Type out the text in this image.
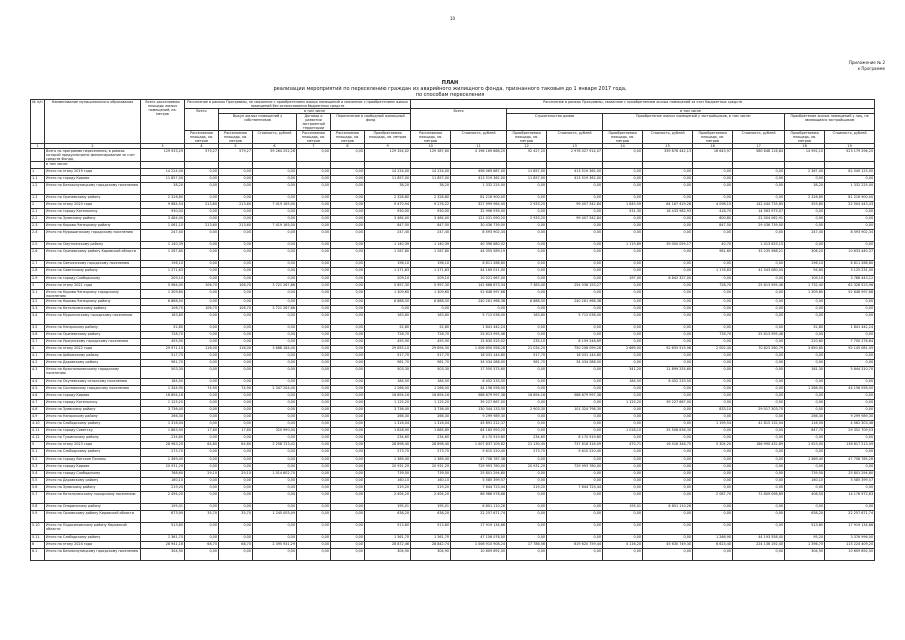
10
Приложение № 2
к Программе
ПЛАН
реализации мероприятий по переселению граждан из аварийного жилищного фонда, признанного таковым до 1 января 2017 года,
по способам переселения
№ п/п	Наименование муниципального образования	Всего расселяемая площадь жилых помещений, кв. метров	Расселение в рамках Программы, не связанное с приобретением жилых помещений и связанное с приобретением жилых помещений без использования бюджетных средств						Расселение в рамках Программы, связанное с приобретением жилых помещений за счет бюджетных средств									
			Всего	в том числе					Всего		в том числе							
				Выкуп жилых помещений у собственников		Договор о развитии застроенной территории	Переселение в свободный жилищный фонд				Строительство домов		Приобретение жилых помещений у застройщиков, в том числе:				Приобретение жилых помещений у лиц, не являющихся застройщиком	
			Расселяемая площадь, кв. метров	Расселяемая площадь, кв. метров	Стоимость, рублей	Расселяемая площадь, кв. метров	Расселяемая площадь, кв. метров	Приобретаемая площадь, кв. метров	Расселяемая площадь, кв. метров	Стоимость, рублей	Приобретаемая площадь, кв. метров	Стоимость, рублей	Приобретаемая площадь, кв. метров	Стоимость, рублей	Приобретаемая площадь, кв. метров	Стоимость, рублей	Приобретаемая площадь, кв. метров	Стоимость, рублей
1	2	3	4	5	6	7	8	9	10	11	12	13	14	15	16	17	18	19
	Всего по программе переселения, в рамках которой предусмотрено финансирование за счет средств Фонда,	129 933,29	579,27	579,27	59 264 252,28	0,00	0,00	129 354,02	129 387,60	4 196 169 868,20	92 427,20	2 976 027 914,07	0,00	339 878 442,13	16 643,97	580 648 116,84	14 992,10	523 179 296,20
	в том числе:																	
1	Итого по этапу 2019 года	14 224,00	0,00	0,00	0,00	0,00	0,00	14 224,00	14 224,00	496 069 687,00	11 857,00	413 519 362,00	0,00	0,00	0,00	0,00	2 367,00	82 549 125,00
1.1	Итого по городу Кирово	11 857,00	0,00	0,00	0,00	0,00	0,00	11 857,00	11 857,00	413 519 362,00	11 857,00	413 519 362,00	0,00	0,00	0,00	0,00	0,00	0,00
1.2	Итого по Белохолуницкому городскому поселению	38,20	0,00	0,00	0,00	0,00	0,00	38,20	38,20	1 332 225,00	0,00	0,00	0,00	0,00	0,00	0,00	38,20	1 332 225,00
1.3	Итого по Оричевскому району	2 328,80	0,00	0,00	0,00	0,00	0,00	2 328,80	2 328,80	81 216 900,00	0,00	0,00	0,00	0,00	0,00	0,00	2 328,80	81 216 900,00
2	Итого по этапу 2020 года	9 684,54	213,60	213,60	7 419 165,00	0,00	0,00	9 470,94	9 276,22	327 999 964,00	2 933,20	99 407 342,84	1 845,59	64 167 419,28	4 098,15	142 444 735,85	553,60	22 504 443,43
2.1	Итого по городу Котельничу	930,00	0,00	0,00	0,00	0,00	0,00	930,00	930,00	32 996 939,00	0,00	0,00	531,30	18 433 982,93	418,70	14 563 975,07	0,00	0,00
2.2	Итого по Зуевскому району	3 484,00	0,00	0,00	0,00	0,00	0,00	3 484,00	3 484,00	121 031 090,20	2 933,20	99 407 342,84	0,00	0,00	600,80	22 004 062,91	0,00	0,00
2.3	Итого по Кирово-Чепецкому району	1 061,10	213,60	213,60	7 419 165,00	0,00	0,00	847,50	847,50	30 436 739,00	0,00	0,00	0,00	0,00	847,50	29 436 739,00	0,00	0,00
2.4	Итого по Мурашинскому городскому поселению	247,40	0,00	0,00	0,00	0,00	0,00	247,40	247,40	8 593 902,34	0,00	0,00	0,00	0,00	0,00	0,00	247,40	8 593 902,34
2.5	Итого по Омутнинскому району	1 140,39	0,00	0,00	0,00	0,00	0,00	1 140,39	1 140,39	40 396 880,02	0,00	0,00	1 119,69	39 000 059,17	40,70	1 413 633,15	0,00	0,00
2.6	Итого по Оричевскому району Кировской области	1 267,80	0,00	0,00	0,00	0,00	0,00	1 267,80	1 267,80	44 055 589,19	0,00	0,00	0,00	0,00	961,60	33 235 968,21	306,20	10 633 440,37
2.7	Итого по Свечинскому городскому поселению	196,10	0,00	0,00	0,00	0,00	0,00	196,10	196,10	6 811 266,80	0,00	0,00	0,00	0,00	0,00	0,00	196,10	6 811 266,80
2.8	Итого по Советскому району	1 271,63	0,00	0,00	0,00	0,00	0,00	1 271,63	1 271,63	44 169 011,00	0,00	0,00	0,00	0,00	1 176,83	41 043 080,00	94,80	3 125 231,00
2.9	Итого по городу Слободскому	209,10	0,00	0,00	0,00	0,00	0,00	209,10	209,10	10 021 967,00	0,00	0,00	197,00	6 842 327,00	0,00	0,00	109,10	3 788 443,12
3	Итого по этапу 2021 года	5 964,00	106,70	106,70	3 721 267,86	0,00	0,00	5 857,30	5 997,30	142 688 673,34	7 383,40	254 036 153,27	0,00	0,00	728,70	25 613 995,46	1 732,40	62 328 523,96
3.1	Итого по Кирово-Чепецкому городскому поселению	1 309,60	0,00	0,00	0,00	0,00	0,00	1 309,60	1 309,60	52 648 997,68	0,00	0,00	0,00	0,00	0,00	0,00	1 309,60	52 648 997,68
3.2	Итого по Кирово-Чепецкому району	6 888,50	0,00	0,00	0,00	0,00	0,00	6 888,50	6 888,50	240 261 968,38	6 888,50	240 261 968,38	0,00	0,00	0,00	0,00	0,00	0,00
3.3	Итого по Котельничскому району	106,70	106,70	106,70	3 721 267,86	0,00	0,00	0,00	0,00	0,00	0,00	0,00	0,00	0,00	0,00	0,00	0,00	0,00
3.4	Итого по Мурыгинскому городскому поселению	163,80	0,00	0,00	0,00	0,00	0,00	163,80	163,80	5 712 036,00	163,80	5 712 036,00	0,00	0,00	0,00	0,00	0,00	0,00
3.5	Итого по Нагорскому району	52,80	0,00	0,00	0,00	0,00	0,00	52,80	52,80	1 841 442,24	0,00	0,00	0,00	0,00	0,00	0,00	52,80	1 841 442,24
3.6	Итого по Оричевскому району	728,70	0,00	0,00	0,00	0,00	0,00	728,70	728,70	25 613 995,46	0,00	0,00	0,00	0,00	728,70	25 613 995,46	0,00	0,00
3.7	Итого по Уржумскому городскому поселению	455,90	0,00	0,00	0,00	0,00	0,00	455,90	455,90	15 830 525,02	235,10	8 159 248,89	0,00	0,00	0,00	0,00	220,80	7 700 276,84
4	Итого по этапу 2022 года	29 971,10	116,00	116,00	3 688 184,40	0,00	0,00	29 855,10	29 894,30	1 006 650 958,28	21 034,20	750 208 099,28	2 669,00	92 655 515,98	2 002,40	70 823 260,79	3 650,80	92 145 081,09
4.1	Итого по Арбажскому району	517,70	0,00	0,00	0,00	0,00	0,00	517,70	517,70	18 031 144,80	517,70	18 031 144,80	0,00	0,00	0,00	0,00	0,00	0,00
4.2	Итого по Даровскому району	981,70	0,00	0,00	0,00	0,00	0,00	981,70	981,70	34 434 088,00	981,70	34 434 088,00	0,00	0,00	0,00	0,00	0,00	0,00
4.3	Итого по Краснополянскому городскому поселению	503,30	0,00	0,00	0,00	0,00	0,00	503,30	503,30	17 550 575,60	0,00	0,00	341,20	11 899 255,60	0,00	0,00	161,30	5 644 310,70
4.4	Итого по Окуневскому сельскому поселению	184,50	0,00	0,00	0,00	0,00	0,00	184,50	184,50	6 452 233,50	0,00	0,00	184,50	6 452 233,50	0,00	0,00	0,00	0,00
4.5	Итого по Сосновскому городскому поселению	1 344,90	74,90	74,90	2 347 204,40	0,00	0,00	1 266,00	1 266,00	44 156 556,00	0,00	0,00	0,00	0,00	0,00	0,00	1 266,00	44 156 556,00
4.6	Итого по городу Кирово	16 894,16	0,00	0,00	0,00	0,00	0,00	16 894,16	16 894,16	588 879 997,38	16 894,16	588 879 997,38	0,00	0,00	0,00	0,00	0,00	0,00
4.7	Итого по городу Котельничу	1 125,20	0,00	0,00	0,00	0,00	0,00	1 125,20	1 125,20	39 227 867,00	0,00	0,00	1 125,20	39 227 867,00	0,00	0,00	0,00	0,00
4.8	Итого по Зуевскому району	3 736,40	0,00	0,00	0,00	0,00	0,00	3 736,40	3 736,40	130 344 133,50	2 903,30	101 324 798,30	0,00	0,00	833,10	29 017 303,70	0,00	0,00
4.9	Итого по Нагорскому району	266,30	0,00	0,00	0,00	0,00	0,00	266,30	266,30	9 299 989,30	0,00	0,00	0,00	0,00	0,00	0,00	266,30	9 299 989,30
4.10	Итого по Слободскому району	1 316,04	0,00	0,00	0,00	0,00	0,00	1 316,04	1 316,04	45 891 212,37	0,00	0,00	0,00	0,00	1 199,54	41 815 132,04	116,50	4 062 303,48
4.11	Итого по городу Советску	1 863,90	17,60	17,60	320 990,00	0,00	0,00	1 828,90	1 865,89	64 165 993,20	0,00	0,00	1 018,10	35 508 636,30	0,00	0,00	847,70	29 352 709,53
4.12	Итого по Тужинскому району	234,60	0,00	0,00	0,00	0,00	0,00	234,60	234,60	8 170 919,80	234,60	8 170 919,80	0,00	0,00	0,00	0,00	0,00	0,00
5	Итого по этапу 2023 года	28 963,20	64,80	64,80	2 258 723,42	0,00	0,00	28 898,40	28 898,40	1 007 837 109,82	21 130,45	737 618 316,09	470,71	16 416 348,75	5 304,20	186 990 432,89	1 923,00	136 817 213,09
5.1	Итого по Слободскому району	273,70	0,00	0,00	0,00	0,00	0,00	273,70	273,70	9 615 220,40	273,70	9 615 220,40	0,00	0,00	0,00	0,00	0,00	0,00
5.2	Итого по городу Вятские Поляны	1 369,40	0,00	0,00	0,00	0,00	0,00	1 369,40	1 369,40	47 758 787,38	0,00	0,00	0,00	0,00	0,00	0,00	1 369,40	47 758 785,28
5.3	Итого по городу Кирово	20 931,29	0,00	0,00	0,00	0,00	0,00	20 931,29	20 931,29	729 993 780,00	20 931,29	729 993 780,00	0,00	0,00	0,00	0,00	0,00	0,00
5.4	Итого по городу Слободскому	768,60	29,10	29,10	1 014 602,70	0,00	0,00	739,50	739,50	25 801 294,80	0,00	0,00	0,00	0,00	0,00	0,00	739,50	25 801 294,80
5.5	Итого по Даровскому району	160,10	0,00	0,00	0,00	0,00	0,00	160,10	160,10	5 585 399,57	0,00	0,00	0,00	0,00	0,00	0,00	160,10	5 585 399,57
5.6	Итого по Зуевскому району	219,20	0,00	0,00	0,00	0,00	0,00	219,20	219,20	7 644 723,44	219,20	7 644 723,44	0,00	0,00	0,00	0,00	0,00	0,00
5.7	Итого по Котельничскому городскому поселению	2 494,20	0,00	0,00	0,00	0,00	0,00	2 494,20	2 494,20	86 986 978,68	0,00	0,00	0,00	0,00	2 087,70	72 809 098,89	406,50	14 176 972,63
5.8	Итого по Опаринскому району	195,01	0,00	0,00	0,00	0,00	0,00	195,01	195,01	6 801 110,26	0,00	0,00	195,01	6 801 110,26	0,00	0,00	0,00	0,00
5.9	Итого по Орловскому району Кировской области	673,90	35,70	35,70	1 245 005,49	0,00	0,00	638,20	638,20	22 257 671,74	0,00	0,00	0,00	0,00	0,00	0,00	638,20	22 257 671,74
5.10	Итого по Подосиновскому району Кировской области	513,80	0,00	0,00	0,00	0,00	0,00	513,80	513,80	17 919 134,66	0,00	0,00	0,00	0,00	0,00	0,00	513,80	17 919 134,66
5.11	Итого по Слободскому району	1 361,70	0,00	0,00	0,00	0,00	0,00	1 361,70	1 361,70	47 156 078,00	0,00	0,00	0,00	0,00	1 266,90	44 193 558,00	95,20	3 376 996,00
6	Итого по этапу 2024 года	28 941,16	68,70	68,70	2 395 931,29	0,00	0,00	28 872,46	28 842,74	1 006 910 908,24	17 786,56	619 620 759,44	4 116,20	45 630 749,30	6 623,40	224 136 192,40	1 396,70	115 224 409,20
6.1	Итого по Белохолуницкому городскому поселению	304,90	0,00	0,00	0,00	0,00	0,00	304,90	304,90	10 609 692,00	0,00	0,00	0,00	0,00	0,00	0,00	304,90	10 609 692,00
